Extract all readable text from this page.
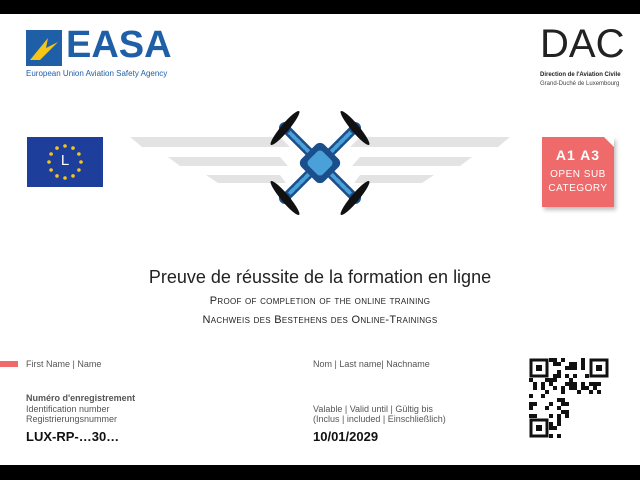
EASA
European Union Aviation Safety Agency
DAC
Direction de l'Aviation Civile
Grand-Duché de Luxembourg
L	A1 A3
OPEN SUB
CATEGORY
Preuve de réussite de la formation en ligne
Proof of completion of the online training
Nachweis des Bestehens des Online-Trainings
First Name | Name	Nom | Last name| Nachname
Numéro d'enregistrement
Identification number
Registrierungsnummer
Valable | Valid until | Gültig bis
(Inclus | included | Einschließlich)
LUX-RP-…30…	10/01/2029
